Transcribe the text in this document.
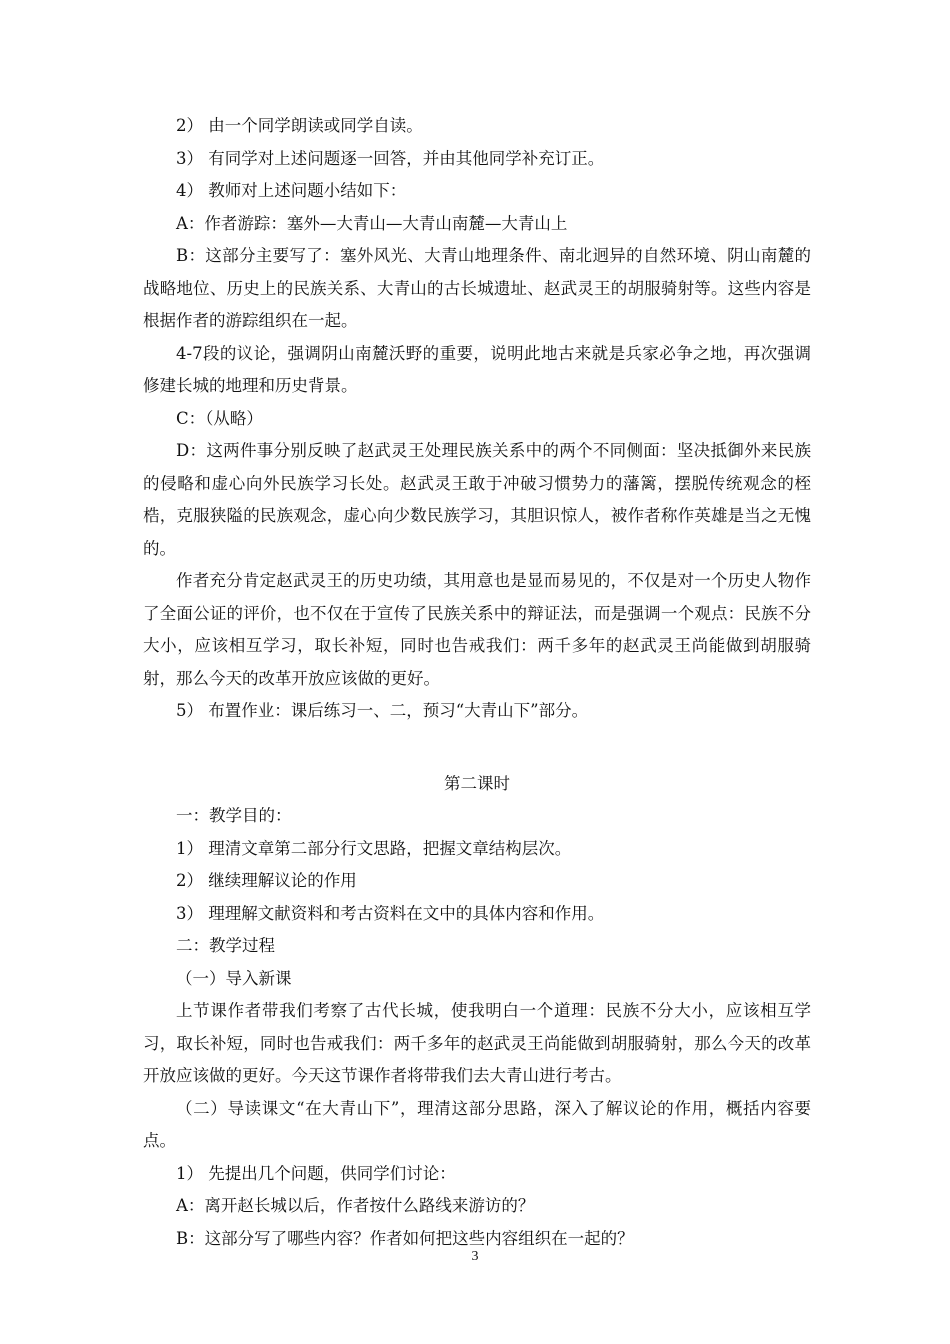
2） 由一个同学朗读或同学自读。

3） 有同学对上述问题逐一回答，并由其他同学补充订正。

4） 教师对上述问题小结如下：

A：作者游踪：塞外—大青山—大青山南麓—大青山上

B：这部分主要写了：塞外风光、大青山地理条件、南北迥异的自然环境、阴山南麓的战略地位、历史上的民族关系、大青山的古长城遗址、赵武灵王的胡服骑射等。这些内容是根据作者的游踪组织在一起。

4-7段的议论，强调阴山南麓沃野的重要，说明此地古来就是兵家必争之地，再次强调修建长城的地理和历史背景。

C：（从略）

D：这两件事分别反映了赵武灵王处理民族关系中的两个不同侧面：坚决抵御外来民族的侵略和虚心向外民族学习长处。赵武灵王敢于冲破习惯势力的藩篱，摆脱传统观念的桎梏，克服狭隘的民族观念，虚心向少数民族学习，其胆识惊人，被作者称作英雄是当之无愧的。

作者充分肯定赵武灵王的历史功绩，其用意也是显而易见的，不仅是对一个历史人物作了全面公证的评价，也不仅在于宣传了民族关系中的辩证法，而是强调一个观点：民族不分大小，应该相互学习，取长补短，同时也告戒我们：两千多年的赵武灵王尚能做到胡服骑射，那么今天的改革开放应该做的更好。

5） 布置作业：课后练习一、二，预习“大青山下”部分。

第二课时

一：教学目的：

1） 理清文章第二部分行文思路，把握文章结构层次。

2） 继续理解议论的作用

3） 理理解文献资料和考古资料在文中的具体内容和作用。

二：教学过程

（一）导入新课

上节课作者带我们考察了古代长城，使我明白一个道理：民族不分大小，应该相互学习，取长补短，同时也告戒我们：两千多年的赵武灵王尚能做到胡服骑射，那么今天的改革开放应该做的更好。今天这节课作者将带我们去大青山进行考古。

（二）导读课文“在大青山下”，理清这部分思路，深入了解议论的作用，概括内容要点。

1） 先提出几个问题，供同学们讨论：

A：离开赵长城以后，作者按什么路线来游访的？

B：这部分写了哪些内容？作者如何把这些内容组织在一起的？

3
